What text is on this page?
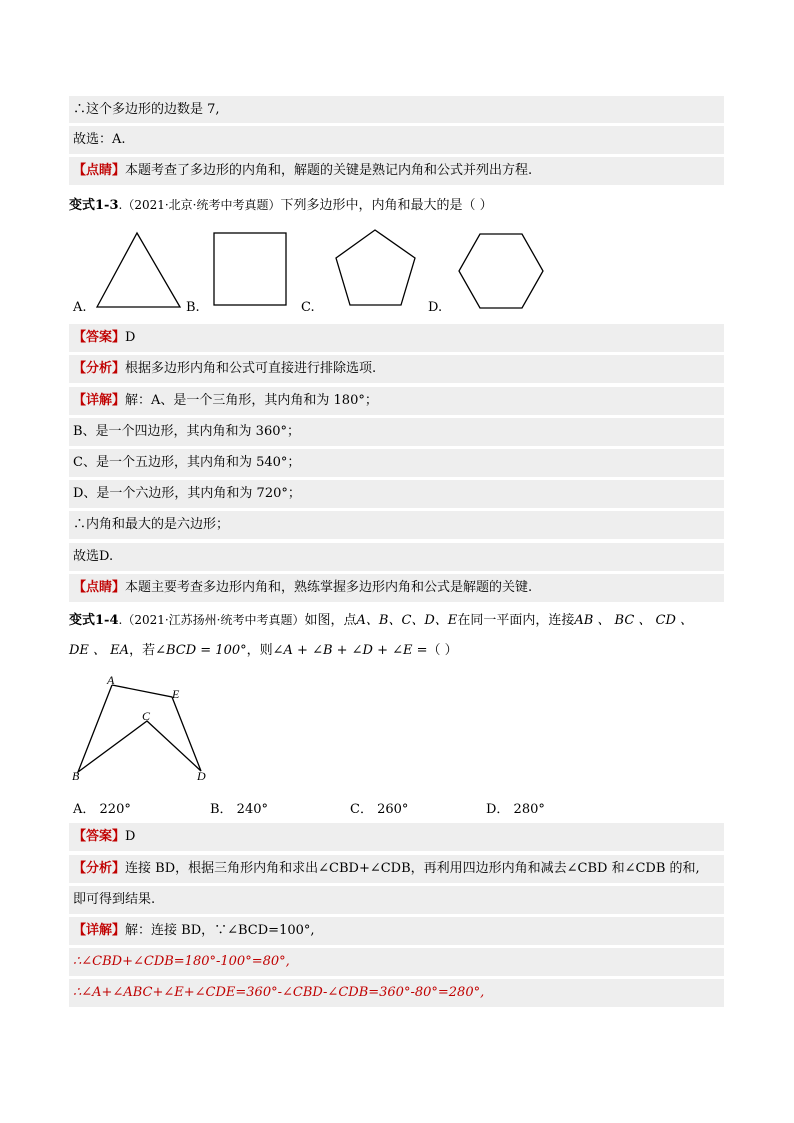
∴这个多边形的边数是 7,
故选：A.
【点睛】本题考查了多边形的内角和，解题的关键是熟记内角和公式并列出方程.
变式1-3.（2021·北京·统考中考真题）下列多边形中，内角和最大的是（ ）
A.	B.	C.	D.
【答案】D
【分析】根据多边形内角和公式可直接进行排除选项.
【详解】解：A、是一个三角形，其内角和为 180°；
B、是一个四边形，其内角和为 360°；
C、是一个五边形，其内角和为 540°；
D、是一个六边形，其内角和为 720°；
∴内角和最大的是六边形；
故选D.
【点睛】本题主要考查多边形内角和，熟练掌握多边形内角和公式是解题的关键.
变式1-4.（2021·江苏扬州·统考中考真题）如图，点A、B、C、D、E在同一平面内，连接AB 、 BC 、 CD 、
DE 、 EA，若∠BCD = 100°，则∠A + ∠B + ∠D + ∠E =（ ）
A
E
C
B	D
A． 220°	B． 240°	C． 260°	D． 280°
【答案】D
【分析】连接 BD，根据三角形内角和求出∠CBD+∠CDB，再利用四边形内角和减去∠CBD 和∠CDB 的和,
即可得到结果.
【详解】解：连接 BD，∵∠BCD=100°,
∴∠CBD+∠CDB=180°-100°=80°,
∴∠A+∠ABC+∠E+∠CDE=360°-∠CBD-∠CDB=360°-80°=280°,
